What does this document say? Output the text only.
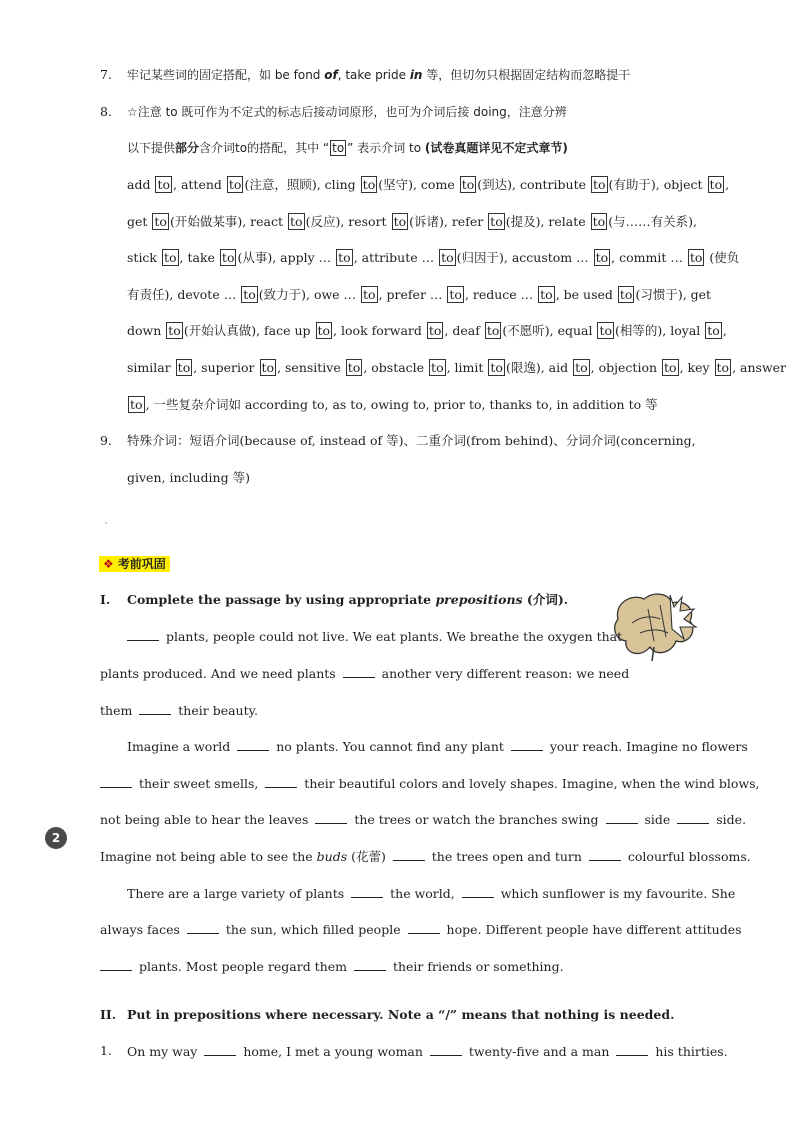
7.	牢记某些词的固定搭配，如 be fond of, take pride in 等，但切勿只根据固定结构而忽略提干
8.	☆注意 to 既可作为不定式的标志后接动词原形，也可为介词后接 doing，注意分辨
以下提供部分含介词to的搭配，其中 “ to ” 表示介词 to (试卷真题详见不定式章节)
add to , attend to (注意，照顾), cling to (坚守), come to (到达), contribute to (有助于), object to ,
get to (开始做某事), react to (反应), resort to (诉诸), refer to (提及), relate to (与……有关系),
stick to , take to (从事), apply … to , attribute … to (归因于), accustom … to , commit … to (使负
有责任), devote … to (致力于), owe … to , prefer … to , reduce … to , be used to (习惯于), get
down to (开始认真做), face up to , look forward to , deaf to (不愿听), equal to (相等的), loyal to ,
similar to , superior to , sensitive to , obstacle to , limit to (限逸), aid to , objection to , key to , answer
to , 一些复杂介词如 according to, as to, owing to, prior to, thanks to, in addition to 等
9.	特殊介词：短语介词(because of, instead of 等)、二重介词(from behind)、分词介词(concerning,
given, including 等)
❖ 考前巩固
I.	Complete the passage by using appropriate prepositions (介词).
plants, people could not live. We eat plants. We breathe the oxygen that
plants produced. And we need plants	another very different reason: we need
them	their beauty.
Imagine a world	no plants. You cannot find any plant	your reach. Imagine no flowers
their sweet smells,	their beautiful colors and lovely shapes. Imagine, when the wind blows,
not being able to hear the leaves	the trees or watch the branches swing	side	side.
Imagine not being able to see the buds (花蕾)	the trees open and turn	colourful blossoms.
There are a large variety of plants	the world,	which sunflower is my favourite. She
always faces	the sun, which filled people	hope. Different people have different attitudes
plants. Most people regard them	their friends or something.
2
II. Put in prepositions where necessary. Note a “/” means that nothing is needed.
1.	On my way	home, I met a young woman	twenty-five and a man	his thirties.
